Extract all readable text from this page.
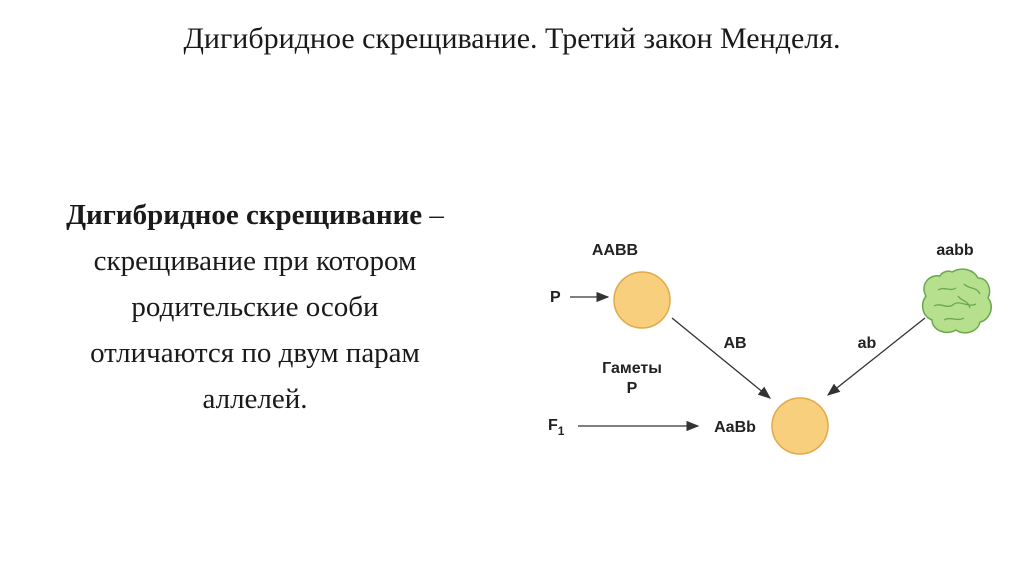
Дигибридное скрещивание. Третий закон Менделя.
Дигибридное скрещивание –
скрещивание при котором
родительские особи
отличаются по двум парам
аллелей.
AABB	aabb
P
AB	ab
Гаметы
P
$F_1$	AaBb
